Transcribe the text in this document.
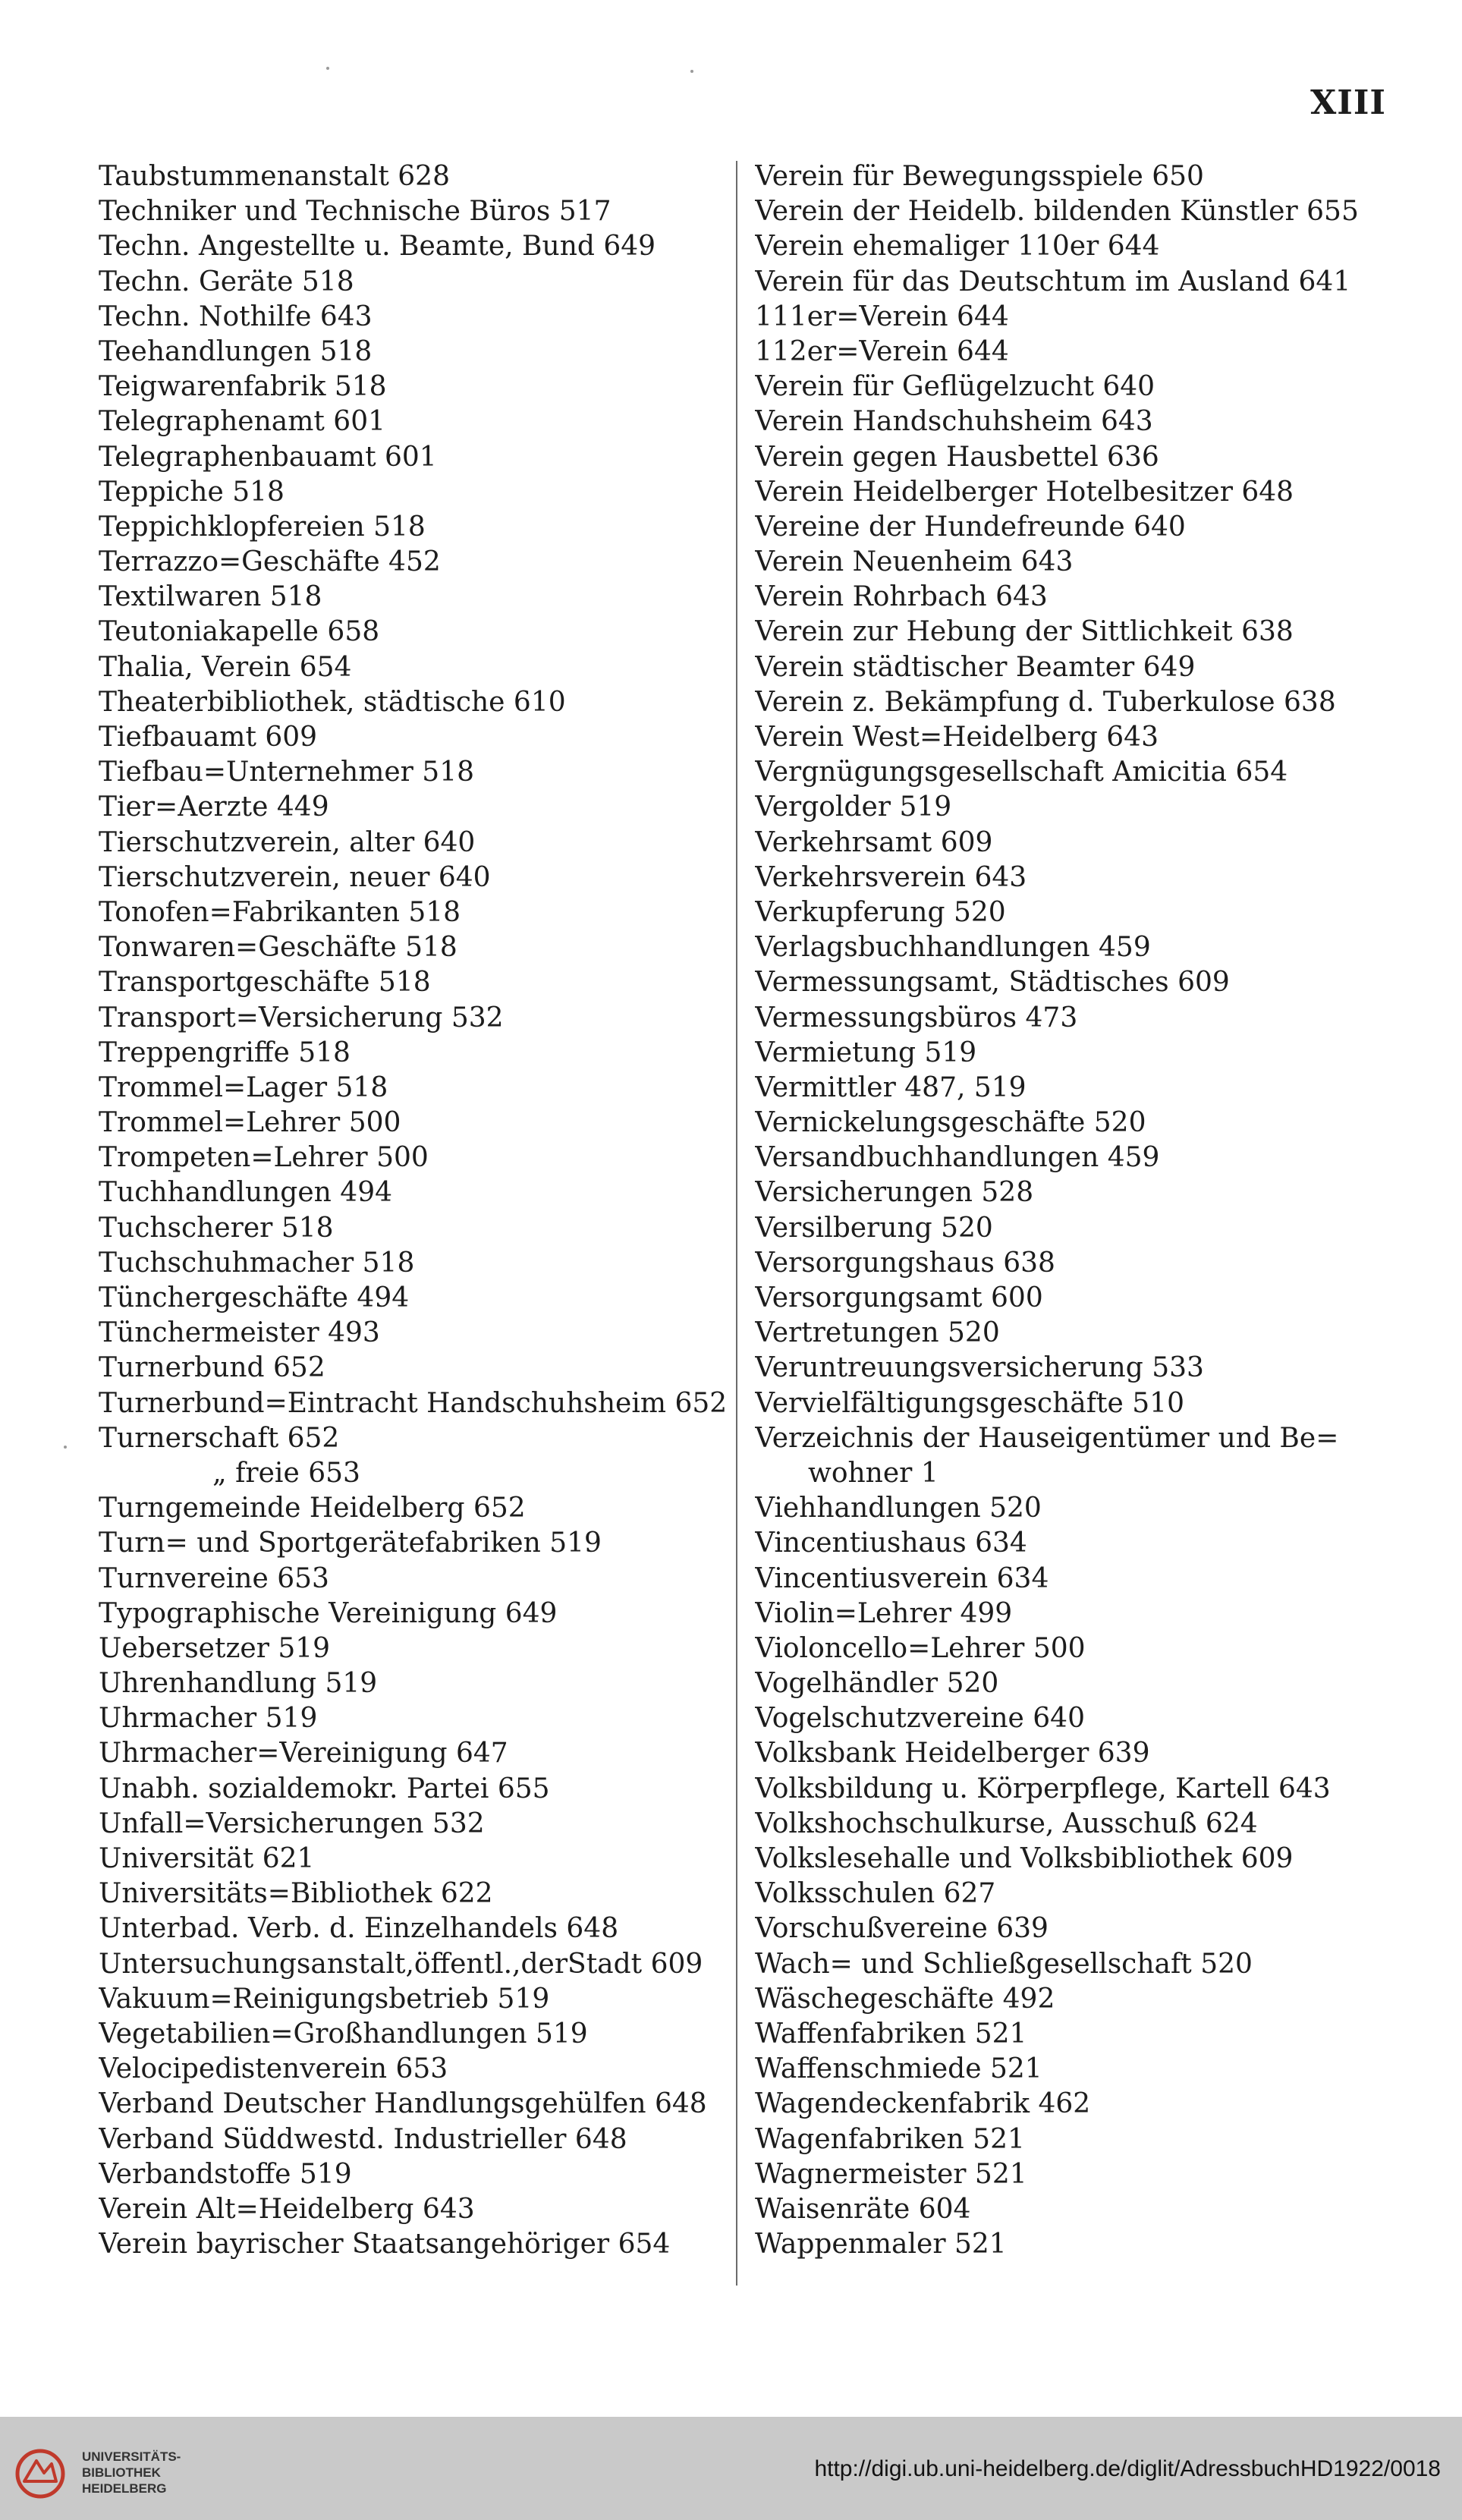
XIII
Taubstummenanstalt 628
Techniker und Technische Büros 517
Techn. Angestellte u. Beamte, Bund 649
Techn. Geräte 518
Techn. Nothilfe 643
Teehandlungen 518
Teigwarenfabrik 518
Telegraphenamt 601
Telegraphenbauamt 601
Teppiche 518
Teppichklopfereien 518
Terrazzo=Geschäfte 452
Textilwaren 518
Teutoniakapelle 658
Thalia, Verein 654
Theaterbibliothek, städtische 610
Tiefbauamt 609
Tiefbau=Unternehmer 518
Tier=Aerzte 449
Tierschutzverein, alter 640
Tierschutzverein, neuer 640
Tonofen=Fabrikanten 518
Tonwaren=Geschäfte 518
Transportgeschäfte 518
Transport=Versicherung 532
Treppengriffe 518
Trommel=Lager 518
Trommel=Lehrer 500
Trompeten=Lehrer 500
Tuchhandlungen 494
Tuchscherer 518
Tuchschuhmacher 518
Tünchergeschäfte 494
Tünchermeister 493
Turnerbund 652
Turnerbund=Eintracht Handschuhsheim 652
Turnerschaft 652
„ freie 653
Turngemeinde Heidelberg 652
Turn= und Sportgerätefabriken 519
Turnvereine 653
Typographische Vereinigung 649
Uebersetzer 519
Uhrenhandlung 519
Uhrmacher 519
Uhrmacher=Vereinigung 647
Unabh. sozialdemokr. Partei 655
Unfall=Versicherungen 532
Universität 621
Universitäts=Bibliothek 622
Unterbad. Verb. d. Einzelhandels 648
Untersuchungsanstalt,öffentl.,derStadt 609
Vakuum=Reinigungsbetrieb 519
Vegetabilien=Großhandlungen 519
Velocipedistenverein 653
Verband Deutscher Handlungsgehülfen 648
Verband Süddwestd. Industrieller 648
Verbandstoffe 519
Verein Alt=Heidelberg 643
Verein bayrischer Staatsangehöriger 654
Verein für Bewegungsspiele 650
Verein der Heidelb. bildenden Künstler 655
Verein ehemaliger 110er 644
Verein für das Deutschtum im Ausland 641
111er=Verein 644
112er=Verein 644
Verein für Geflügelzucht 640
Verein Handschuhsheim 643
Verein gegen Hausbettel 636
Verein Heidelberger Hotelbesitzer 648
Vereine der Hundefreunde 640
Verein Neuenheim 643
Verein Rohrbach 643
Verein zur Hebung der Sittlichkeit 638
Verein städtischer Beamter 649
Verein z. Bekämpfung d. Tuberkulose 638
Verein West=Heidelberg 643
Vergnügungsgesellschaft Amicitia 654
Vergolder 519
Verkehrsamt 609
Verkehrsverein 643
Verkupferung 520
Verlagsbuchhandlungen 459
Vermessungsamt, Städtisches 609
Vermessungsbüros 473
Vermietung 519
Vermittler 487, 519
Vernickelungsgeschäfte 520
Versandbuchhandlungen 459
Versicherungen 528
Versilberung 520
Versorgungshaus 638
Versorgungsamt 600
Vertretungen 520
Veruntreuungsversicherung 533
Vervielfältigungsgeschäfte 510
Verzeichnis der Hauseigentümer und Be=
wohner 1
Viehhandlungen 520
Vincentiushaus 634
Vincentiusverein 634
Violin=Lehrer 499
Violoncello=Lehrer 500
Vogelhändler 520
Vogelschutzvereine 640
Volksbank Heidelberger 639
Volksbildung u. Körperpflege, Kartell 643
Volkshochschulkurse, Ausschuß 624
Volkslesehalle und Volksbibliothek 609
Volksschulen 627
Vorschußvereine 639
Wach= und Schließgesellschaft 520
Wäschegeschäfte 492
Waffenfabriken 521
Waffenschmiede 521
Wagendeckenfabrik 462
Wagenfabriken 521
Wagnermeister 521
Waisenräte 604
Wappenmaler 521
UNIVERSITÄTS-
BIBLIOTHEK
HEIDELBERG
http://digi.ub.uni-heidelberg.de/diglit/AdressbuchHD1922/0018
